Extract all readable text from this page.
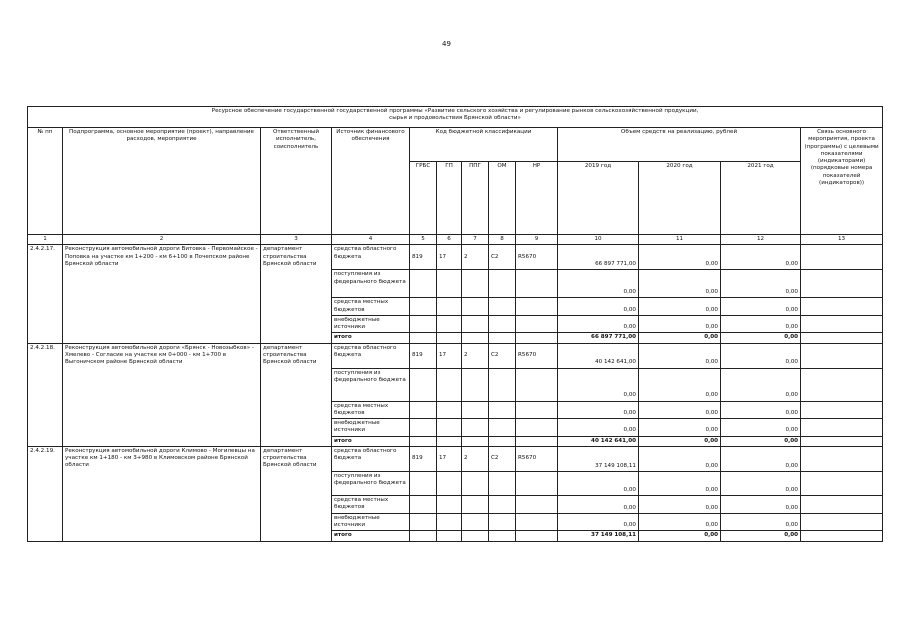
49
Ресурсное обеспечение государственной государственной программы «Развитие сельского хозяйства и регулирование рынков сельскохозяйственной продукции,
сырья и продовольствия Брянской области»												

№ пп	Подпрограмма, основное мероприятие (проект), направление расходов, мероприятие	Ответственный исполнитель, соисполнитель	Источник финансового обеспечения	Код бюджетной классификации					Объем средств на реализацию, рублей			Связь основного мероприятия, проекта (программы) с целевыми показателями (индикаторами) (порядковые номера показателей (индикаторов))
				ГРБС	ГП	ППГ	ОМ	НР	2019 год	2020 год	2021 год	
1	2	3	4	5	6	7	8	9	10	11	12	13
2.4.2.17.	Реконструкция автомобильной дороги Витовка - Первомайское - Поповка на участке км 1+200 - км 6+100 в Почепском районе Брянской области	департамент строительства Брянской области	средства областного бюджета	819	17	2	С2	R5670	66 897 771,00	0,00	0,00	
			поступления из федерального бюджета						0,00	0,00	0,00	
			средства местных бюджетов						0,00	0,00	0,00	
			внебюджетные источники						0,00	0,00	0,00	
			итого						66 897 771,00	0,00	0,00	
2.4.2.18.	Реконструкция автомобильной дороги «Брянск - Новозыбков» - Хмелево - Согласие на участке км 0+000 - км 1+700 в Выгоничском районе Брянской области	департамент строительства Брянской области	средства областного бюджета	819	17	2	С2	R5670	40 142 641,00	0,00	0,00	
			поступления из федерального бюджета						0,00	0,00	0,00	
			средства местных бюджетов						0,00	0,00	0,00	
			внебюджетные источники						0,00	0,00	0,00	
			итого						40 142 641,00	0,00	0,00	
2.4.2.19.	Реконструкция автомобильной дороги Климово - Могилевцы на участке км 1+180 - км 3+980 в Климовском районе Брянской области	департамент строительства Брянской области	средства областного бюджета	819	17	2	С2	R5670	37 149 108,11	0,00	0,00	
			поступления из федерального бюджета						0,00	0,00	0,00	
			средства местных бюджетов						0,00	0,00	0,00	
			внебюджетные источники						0,00	0,00	0,00	
			итого						37 149 108,11	0,00	0,00	
